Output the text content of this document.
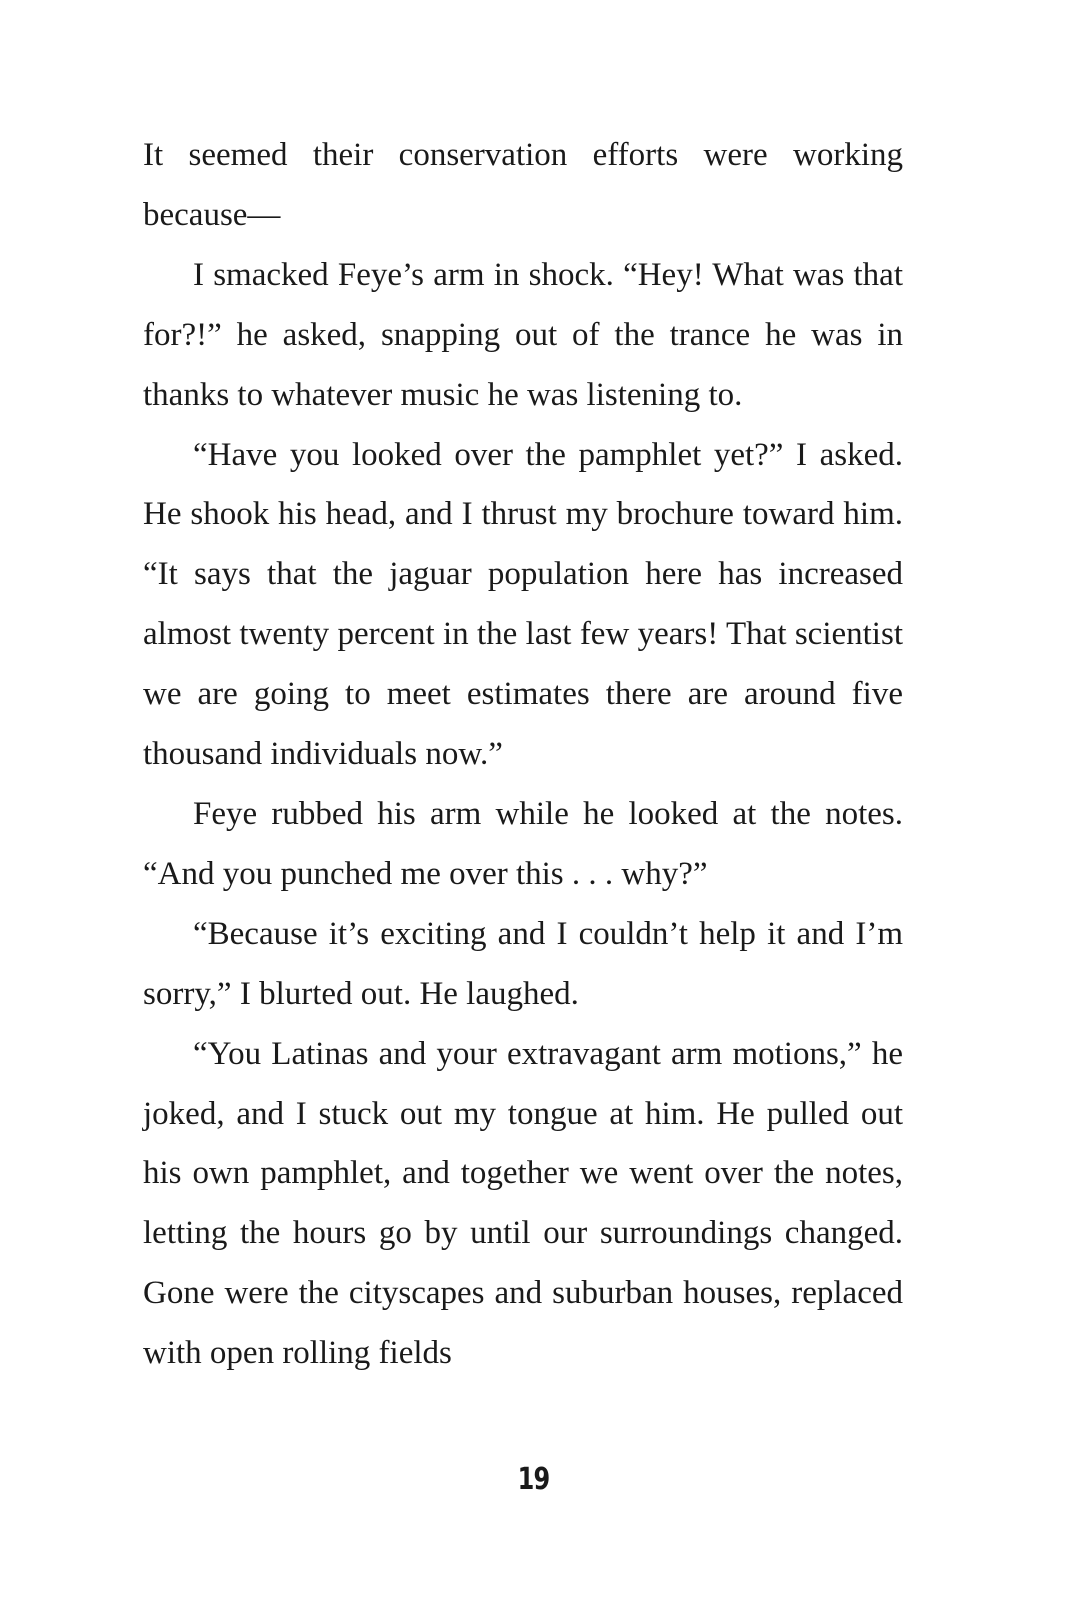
It seemed their conservation efforts were working because—

I smacked Feye’s arm in shock. “Hey! What was that for?!” he asked, snapping out of the trance he was in thanks to whatever music he was listening to.

“Have you looked over the pamphlet yet?” I asked. He shook his head, and I thrust my brochure toward him. “It says that the jaguar population here has increased almost twenty percent in the last few years! That scientist we are going to meet estimates there are around five thousand individuals now.”

Feye rubbed his arm while he looked at the notes. “And you punched me over this . . . why?”

“Because it’s exciting and I couldn’t help it and I’m sorry,” I blurted out. He laughed.

“You Latinas and your extravagant arm motions,” he joked, and I stuck out my tongue at him. He pulled out his own pamphlet, and together we went over the notes, letting the hours go by until our surroundings changed. Gone were the cityscapes and suburban houses, replaced with open rolling fields

19
